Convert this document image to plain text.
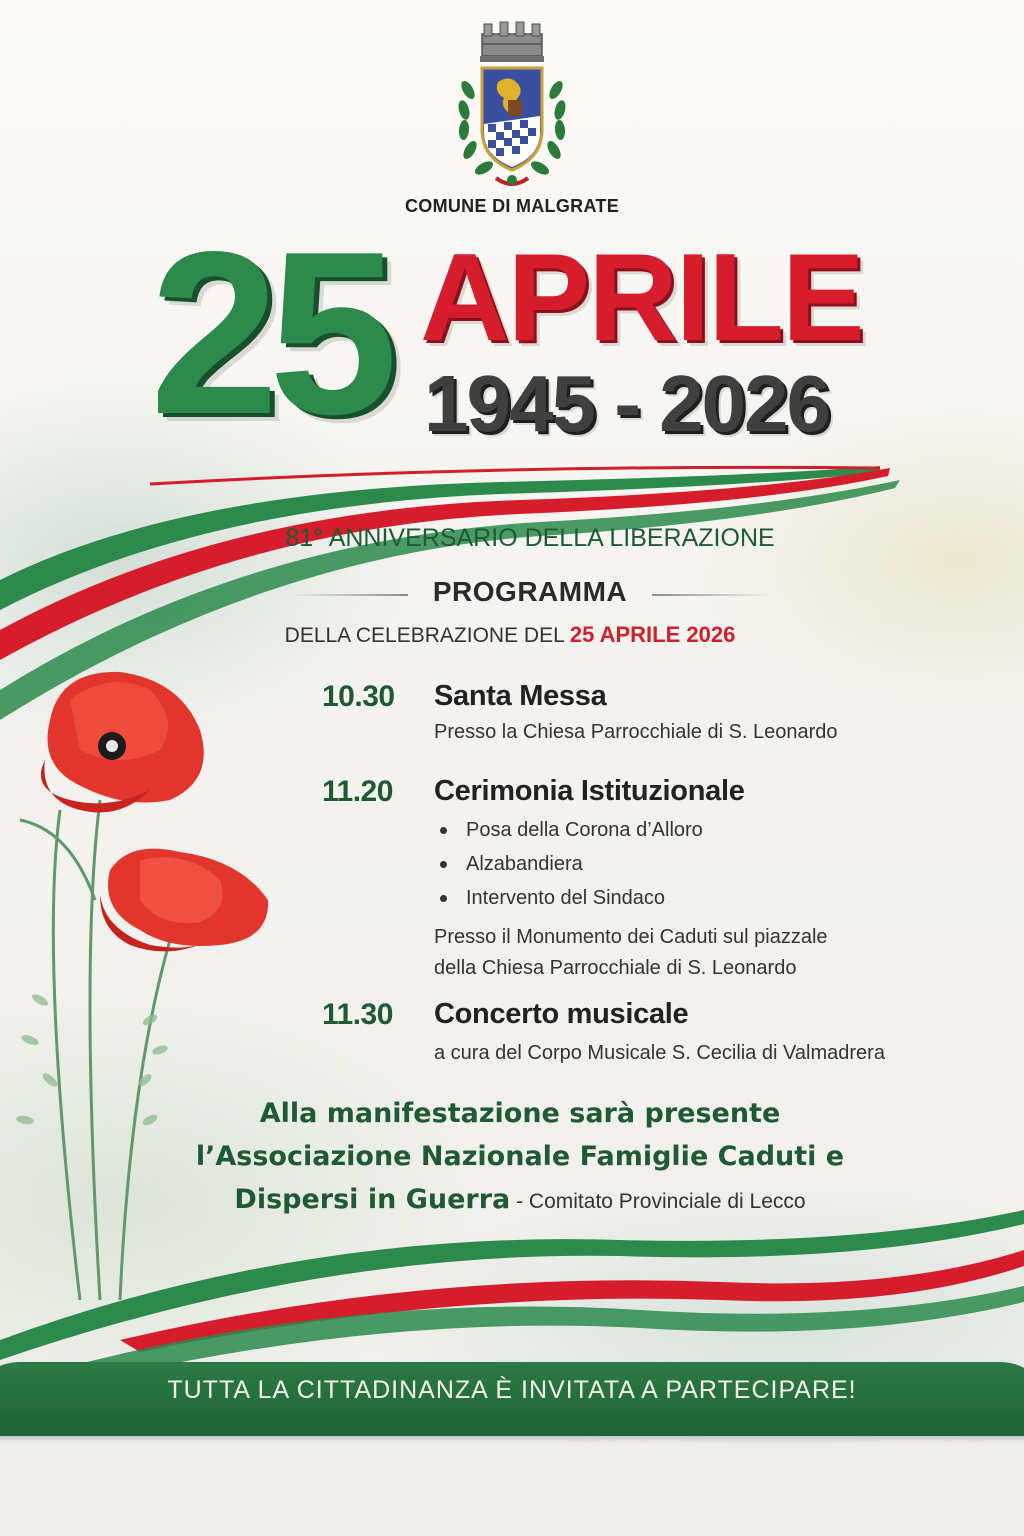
COMUNE DI MALGRATE
25 APRILE
1945 - 2026
81° ANNIVERSARIO DELLA LIBERAZIONE
PROGRAMMA
DELLA CELEBRAZIONE DEL 25 APRILE 2026
10.30 Santa Messa
Presso la Chiesa Parrocchiale di S. Leonardo
11.20 Cerimonia Istituzionale
Posa della Corona d’Alloro
Alzabandiera
Intervento del Sindaco
Presso il Monumento dei Caduti sul piazzale
della Chiesa Parrocchiale di S. Leonardo
11.30 Concerto musicale
a cura del Corpo Musicale S. Cecilia di Valmadrera
Alla manifestazione sarà presente
l’Associazione Nazionale Famiglie Caduti e
Dispersi in Guerra - Comitato Provinciale di Lecco
TUTTA LA CITTADINANZA È INVITATA A PARTECIPARE!
